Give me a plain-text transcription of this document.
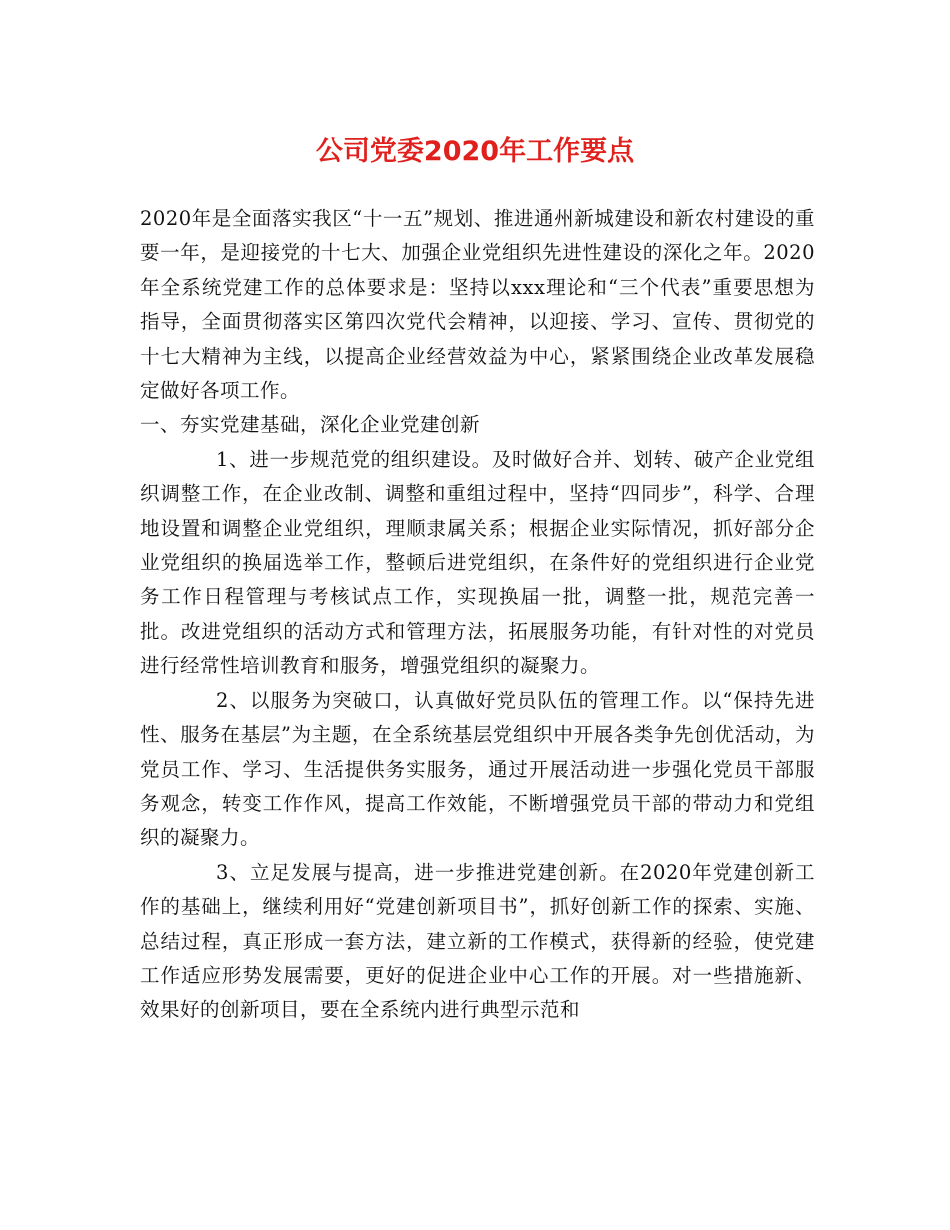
公司党委2020年工作要点

2020年是全面落实我区“十一五”规划、推进通州新城建设和新农村建设的重要一年，是迎接党的十七大、加强企业党组织先进性建设的深化之年。2020年全系统党建工作的总体要求是：坚持以xxx理论和“三个代表”重要思想为指导，全面贯彻落实区第四次党代会精神，以迎接、学习、宣传、贯彻党的十七大精神为主线，以提高企业经营效益为中心，紧紧围绕企业改革发展稳定做好各项工作。

一、夯实党建基础，深化企业党建创新

1、进一步规范党的组织建设。及时做好合并、划转、破产企业党组织调整工作，在企业改制、调整和重组过程中，坚持“四同步”，科学、合理地设置和调整企业党组织，理顺隶属关系；根据企业实际情况，抓好部分企业党组织的换届选举工作，整顿后进党组织，在条件好的党组织进行企业党务工作日程管理与考核试点工作，实现换届一批，调整一批，规范完善一批。改进党组织的活动方式和管理方法，拓展服务功能，有针对性的对党员进行经常性培训教育和服务，增强党组织的凝聚力。

2、以服务为突破口，认真做好党员队伍的管理工作。以“保持先进性、服务在基层”为主题，在全系统基层党组织中开展各类争先创优活动，为党员工作、学习、生活提供务实服务，通过开展活动进一步强化党员干部服务观念，转变工作作风，提高工作效能，不断增强党员干部的带动力和党组织的凝聚力。

3、立足发展与提高，进一步推进党建创新。在2020年党建创新工作的基础上，继续利用好“党建创新项目书”，抓好创新工作的探索、实施、总结过程，真正形成一套方法，建立新的工作模式，获得新的经验，使党建工作适应形势发展需要，更好的促进企业中心工作的开展。对一些措施新、效果好的创新项目，要在全系统内进行典型示范和
